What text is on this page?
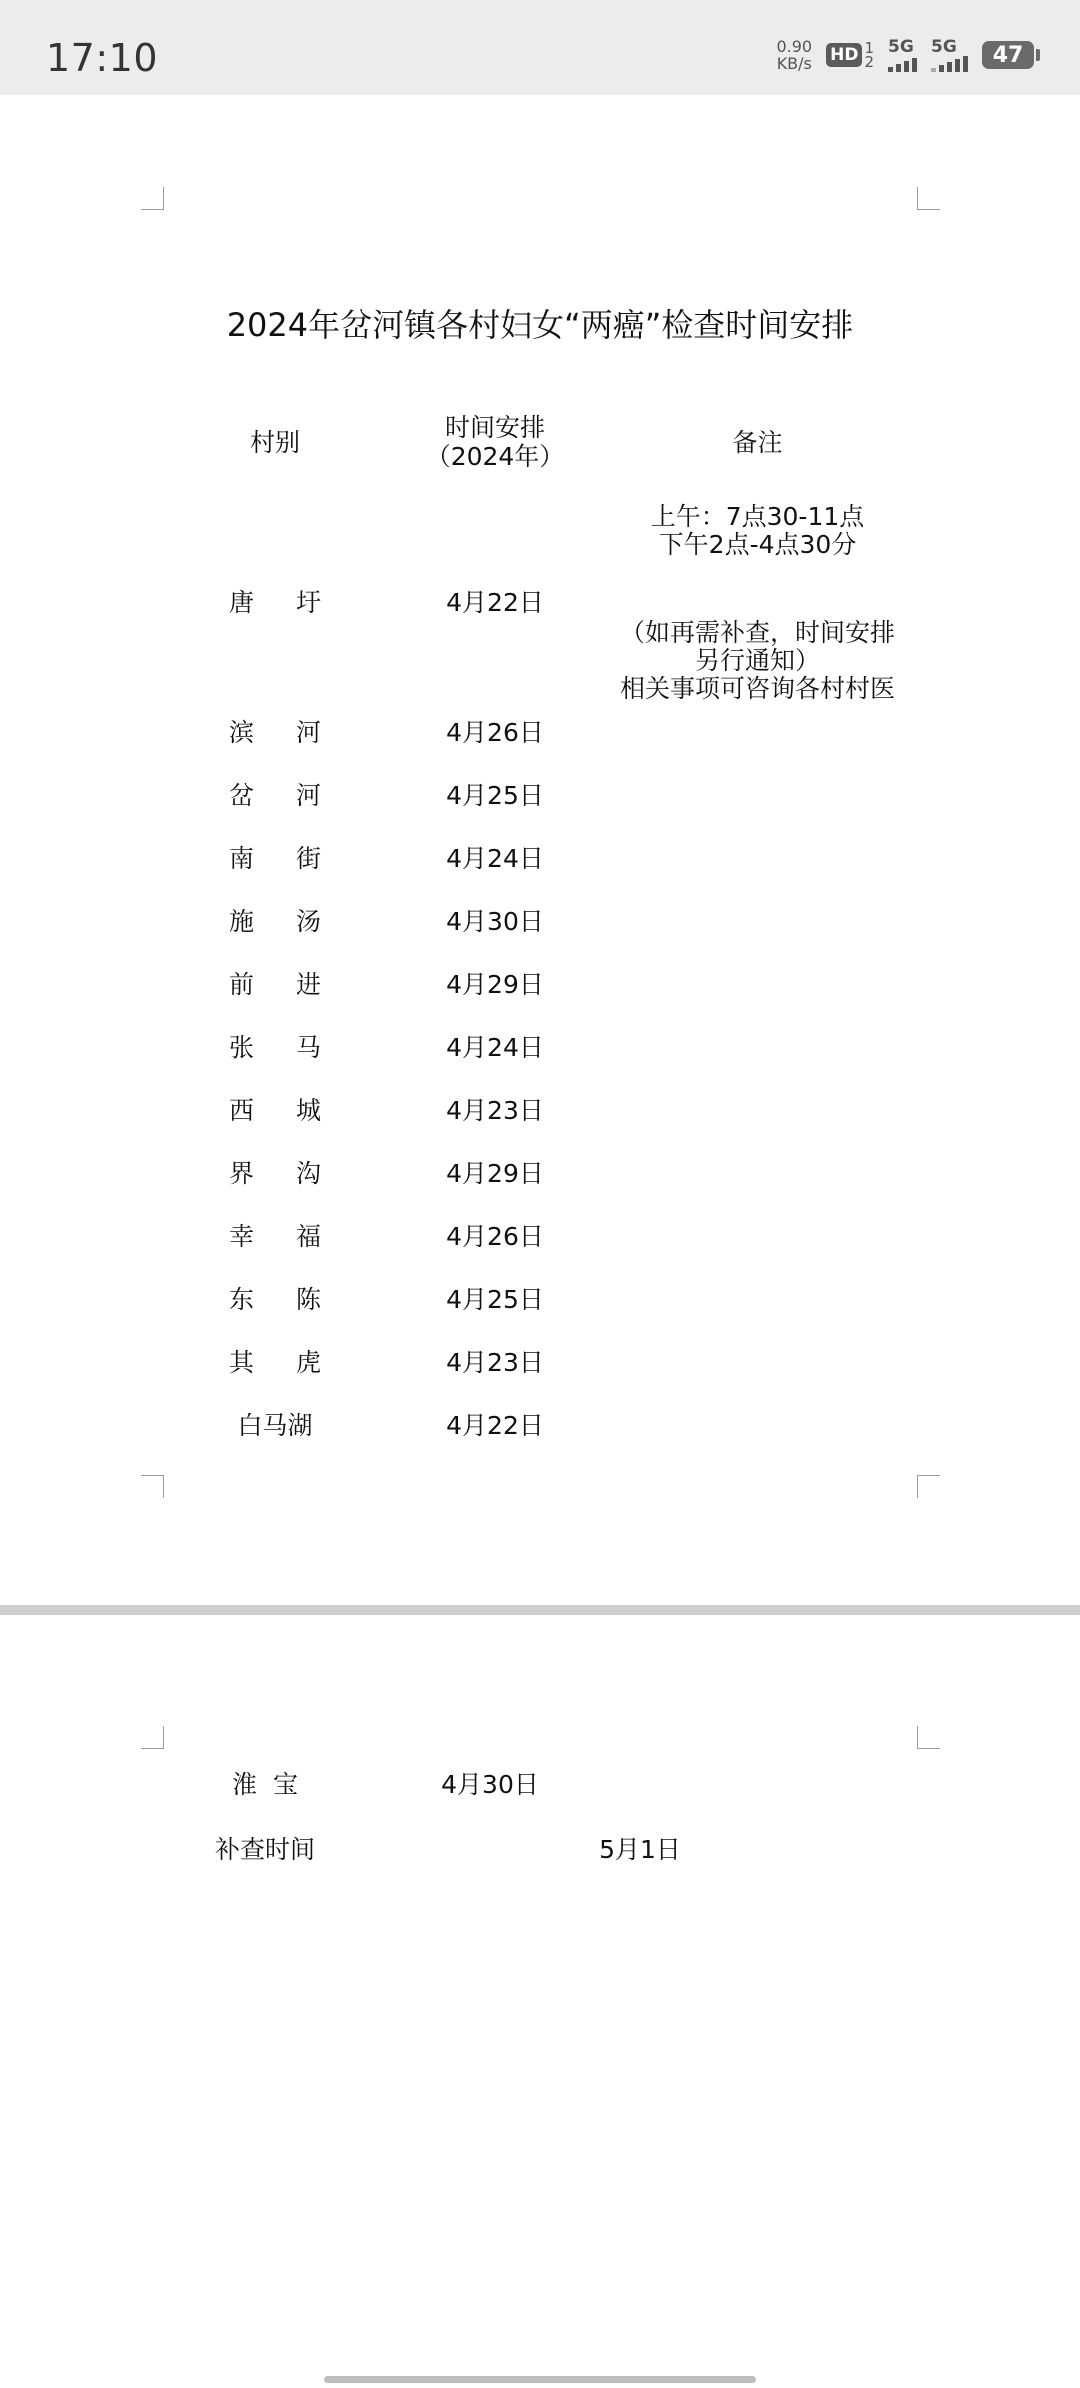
17:10	0.90
KB/s HD 1
2
5G 5G 47
2024年岔河镇各村妇女“两癌”检查时间安排
村别
时间安排
（2024年）	备注
上午：7点30-11点
下午2点-4点30分
（如再需补查，时间安排
另行通知）
相关事项可咨询各村村医
唐 圩	4月22日
滨 河	4月26日
岔 河	4月25日
南 街	4月24日
施 汤	4月30日
前 进	4月29日
张 马	4月24日
西 城	4月23日
界 沟	4月29日
幸 福	4月26日
东 陈	4月25日
其 虎	4月23日
白马湖	4月22日
淮  宝	4月30日
补查时间	5月1日
